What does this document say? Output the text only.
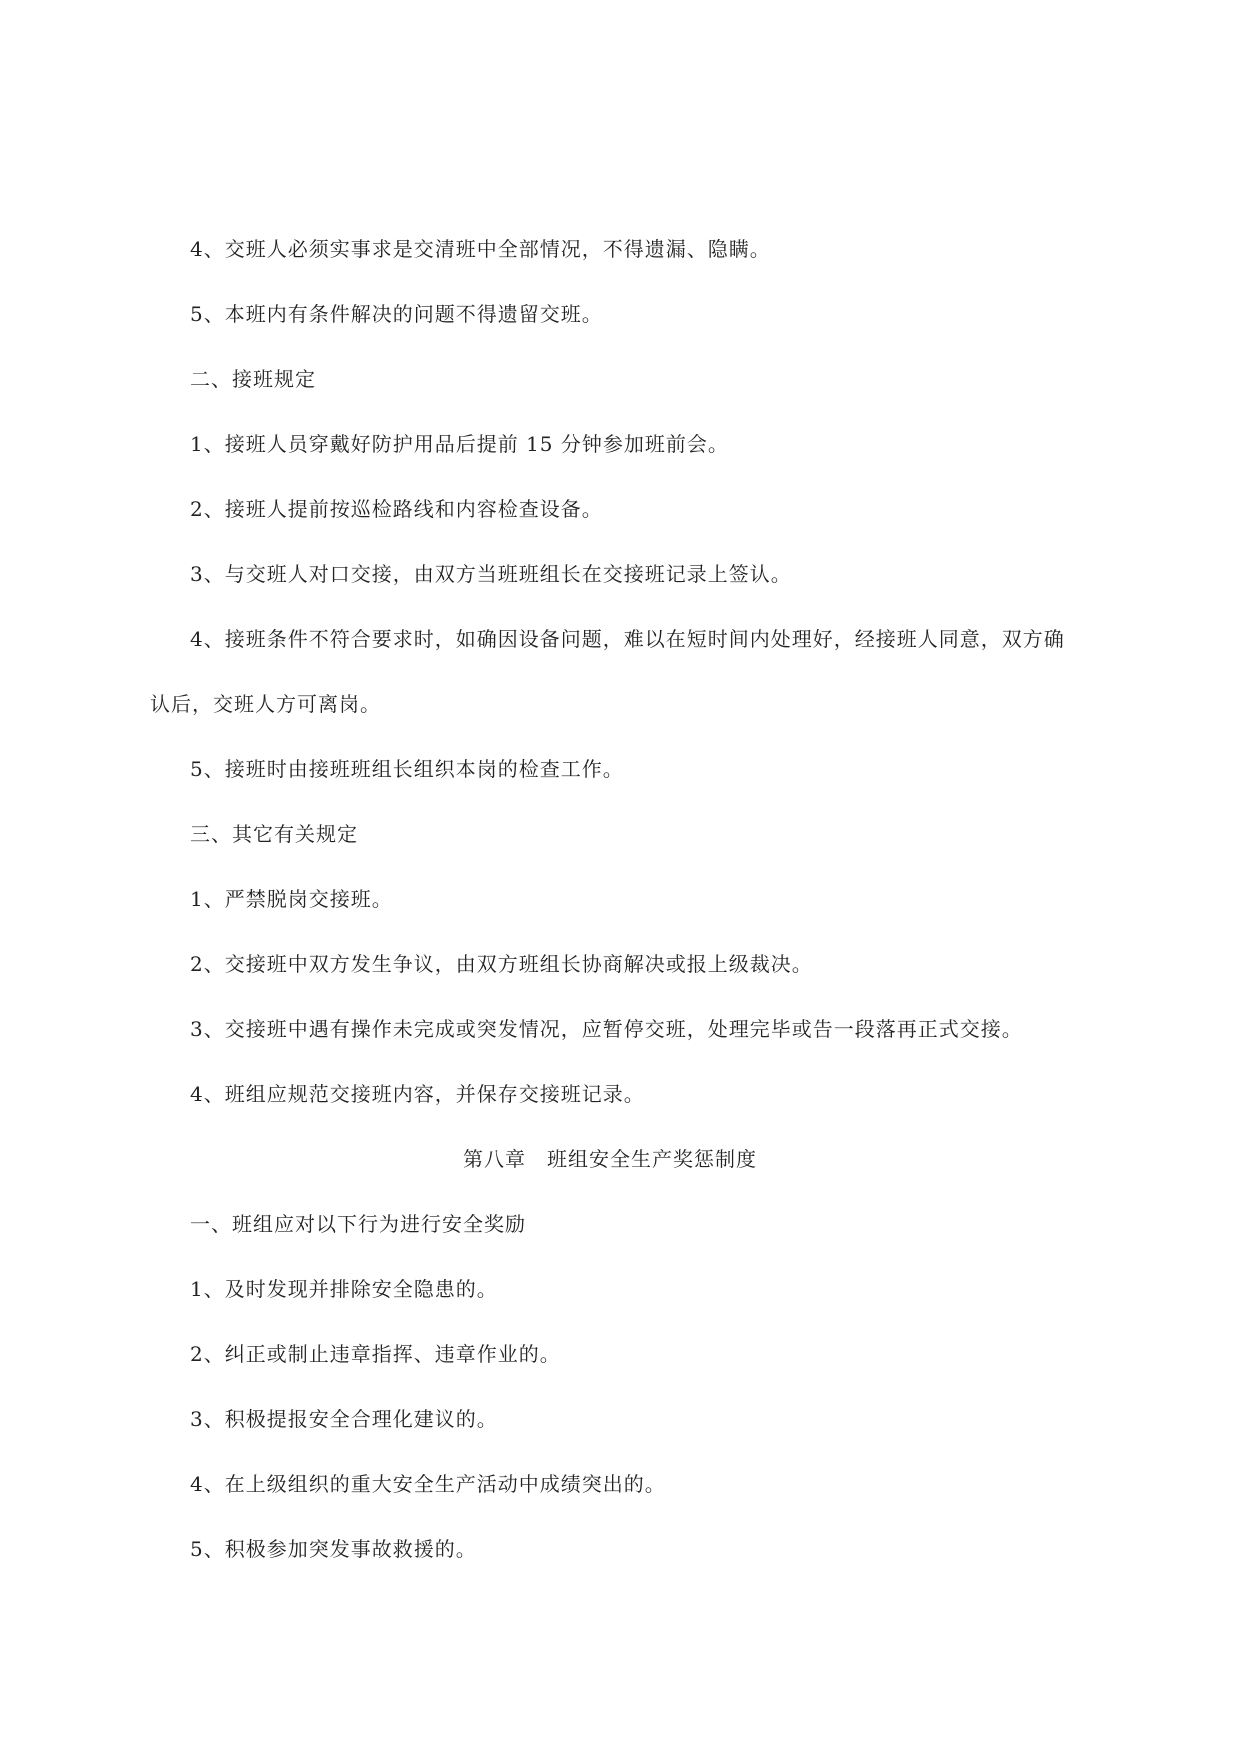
4、交班人必须实事求是交清班中全部情况，不得遗漏、隐瞒。
5、本班内有条件解决的问题不得遗留交班。
二、接班规定
1、接班人员穿戴好防护用品后提前 15 分钟参加班前会。
2、接班人提前按巡检路线和内容检查设备。
3、与交班人对口交接，由双方当班班组长在交接班记录上签认。
4、接班条件不符合要求时，如确因设备问题，难以在短时间内处理好，经接班人同意，双方确
认后，交班人方可离岗。
5、接班时由接班班组长组织本岗的检查工作。
三、其它有关规定
1、严禁脱岗交接班。
2、交接班中双方发生争议，由双方班组长协商解决或报上级裁决。
3、交接班中遇有操作未完成或突发情况，应暂停交班，处理完毕或告一段落再正式交接。
4、班组应规范交接班内容，并保存交接班记录。
第八章　班组安全生产奖惩制度
一、班组应对以下行为进行安全奖励
1、及时发现并排除安全隐患的。
2、纠正或制止违章指挥、违章作业的。
3、积极提报安全合理化建议的。
4、在上级组织的重大安全生产活动中成绩突出的。
5、积极参加突发事故救援的。
